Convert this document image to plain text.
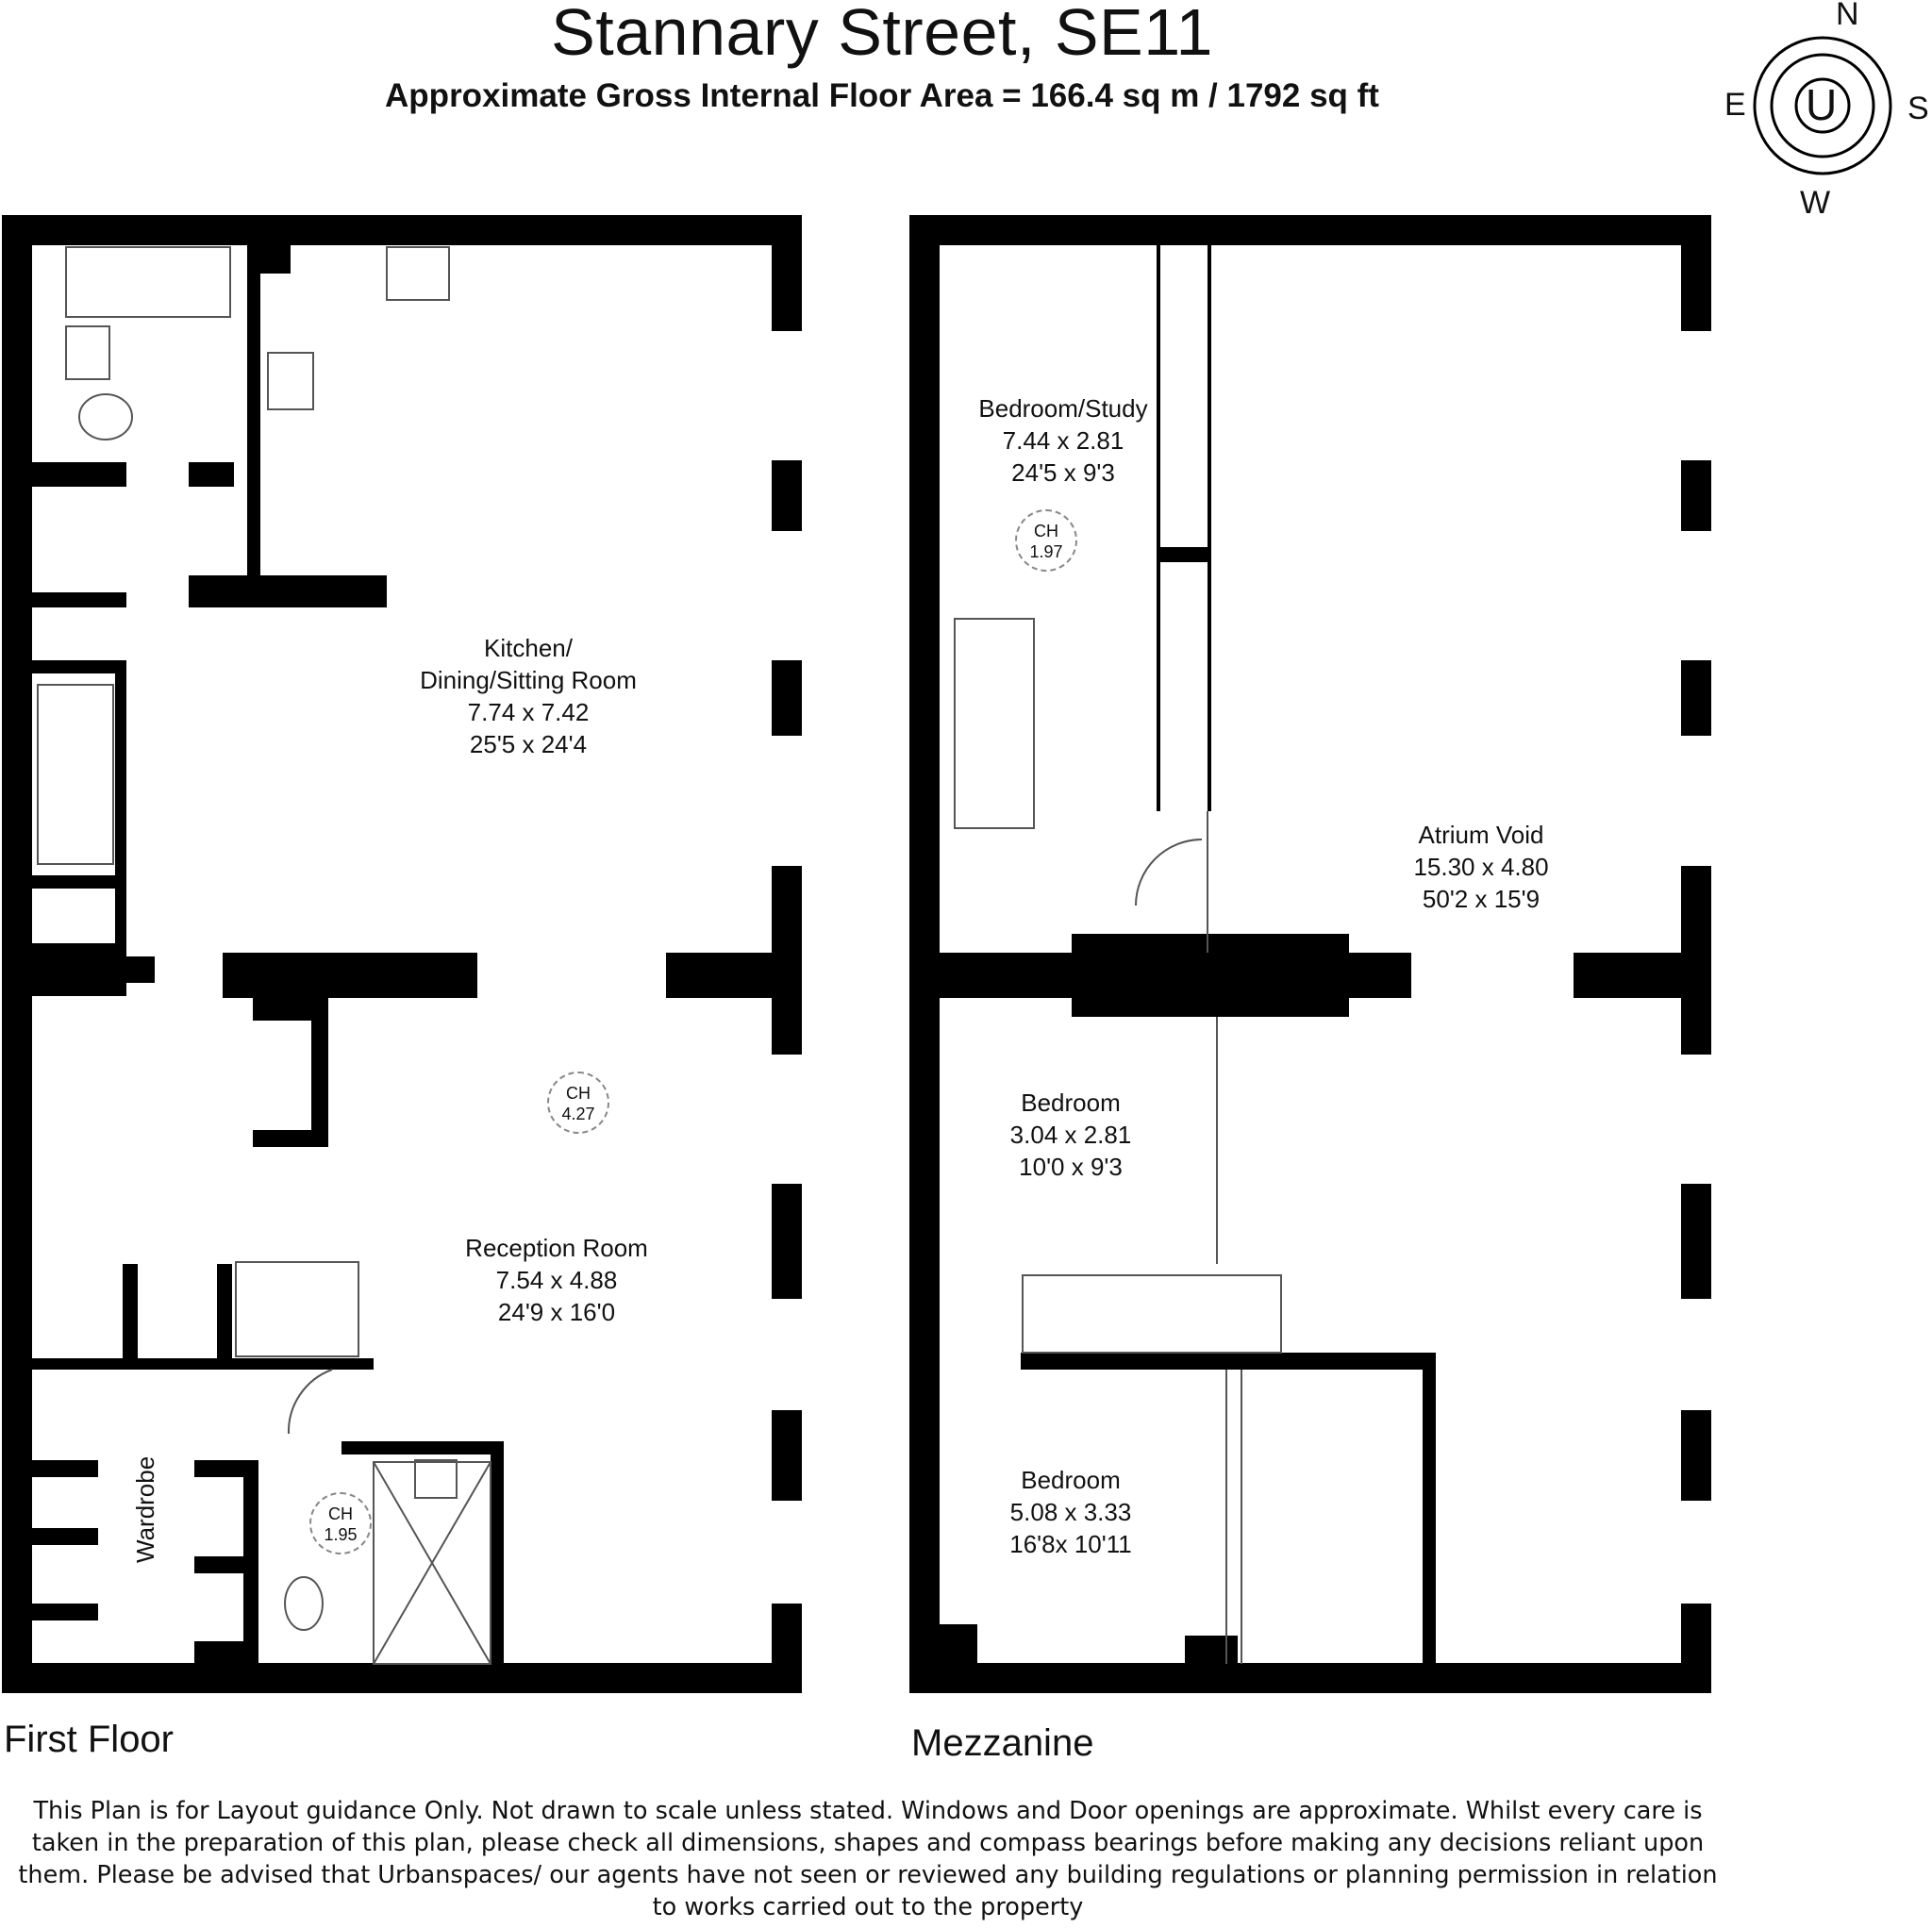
Stannary Street, SE11
Approximate Gross Internal Floor Area = 166.4 sq m / 1792 sq ft
N
E	S
W
U
Kitchen/
Dining/Sitting Room
7.74 x 7.42
25'5 x 24'4
Reception Room
7.54 x 4.88
24'9 x 16'0
Wardrobe
Bedroom/Study
7.44 x 2.81
24'5 x 9'3
Atrium Void
15.30 x 4.80
50'2 x 15'9
Bedroom
3.04 x 2.81
10'0 x 9'3
Bedroom
5.08 x 3.33
16'8x 10'11
CH
4.27
CH
1.95
CH
1.97
First Floor	Mezzanine
This Plan is for Layout guidance Only. Not drawn to scale unless stated. Windows and Door openings are approximate. Whilst every care is
taken in the preparation of this plan, please check all dimensions, shapes and compass bearings before making any decisions reliant upon
them. Please be advised that Urbanspaces/ our agents have not seen or reviewed any building regulations or planning permission in relation
to works carried out to the property
